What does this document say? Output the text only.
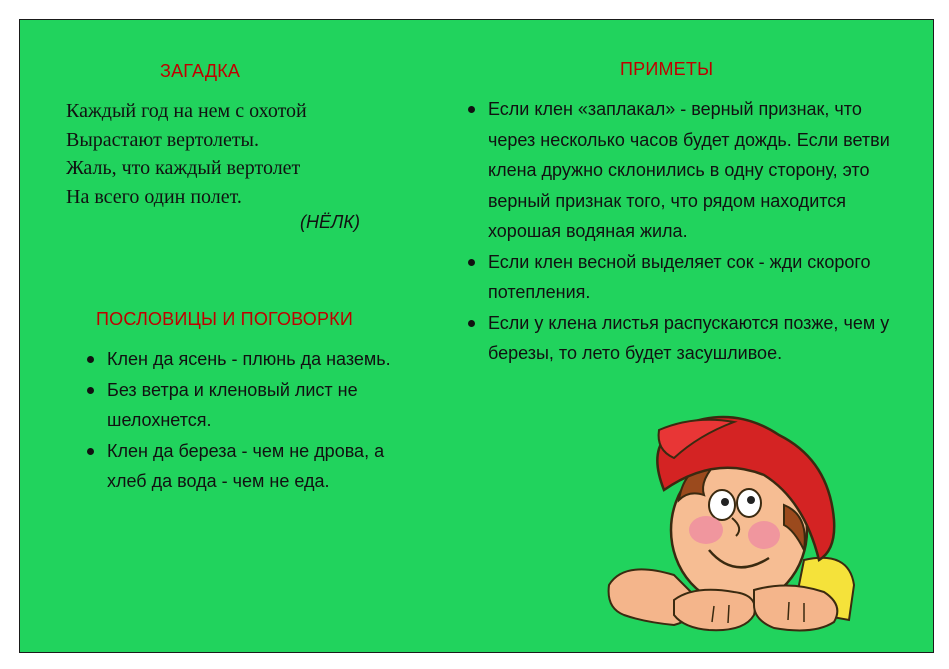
ЗАГАДКА
Каждый год на нем с охотой
Вырастают вертолеты.
Жаль, что каждый вертолет
На всего один полет.
(НЁЛК)
ПОСЛОВИЦЫ И ПОГОВОРКИ
Клен да ясень - плюнь да наземь.
Без ветра и кленовый лист не шелохнется.
Клен да береза - чем не дрова, а хлеб да вода - чем не еда.
ПРИМЕТЫ
Если клен «заплакал» - верный признак, что через несколько часов будет дождь. Если ветви клена дружно склонились в одну сторону, это верный признак того, что рядом находится хорошая водяная жила.
Если клен весной выделяет сок - жди скорого потепления.
Если у клена листья распускаются позже, чем у березы, то лето будет засушливое.
